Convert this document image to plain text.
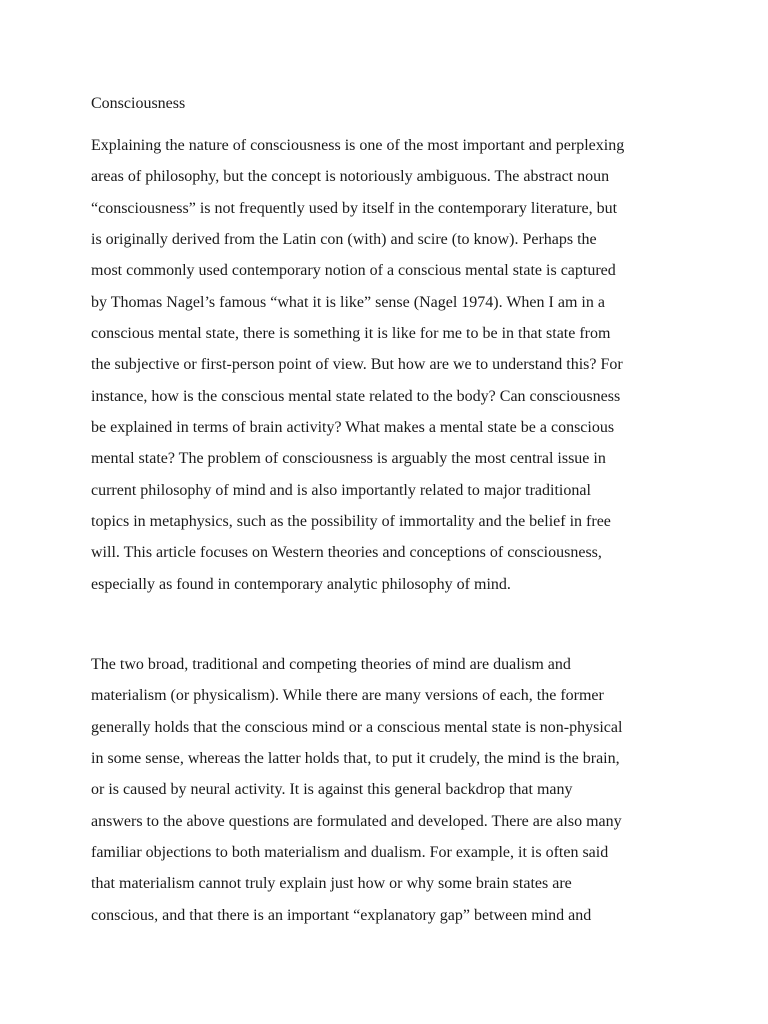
Consciousness
Explaining the nature of consciousness is one of the most important and perplexing
areas of philosophy, but the concept is notoriously ambiguous. The abstract noun
“consciousness” is not frequently used by itself in the contemporary literature, but
is originally derived from the Latin con (with) and scire (to know). Perhaps the
most commonly used contemporary notion of a conscious mental state is captured
by Thomas Nagel’s famous “what it is like” sense (Nagel 1974). When I am in a
conscious mental state, there is something it is like for me to be in that state from
the subjective or first-person point of view. But how are we to understand this? For
instance, how is the conscious mental state related to the body? Can consciousness
be explained in terms of brain activity? What makes a mental state be a conscious
mental state? The problem of consciousness is arguably the most central issue in
current philosophy of mind and is also importantly related to major traditional
topics in metaphysics, such as the possibility of immortality and the belief in free
will. This article focuses on Western theories and conceptions of consciousness,
especially as found in contemporary analytic philosophy of mind.
The two broad, traditional and competing theories of mind are dualism and
materialism (or physicalism). While there are many versions of each, the former
generally holds that the conscious mind or a conscious mental state is non-physical
in some sense, whereas the latter holds that, to put it crudely, the mind is the brain,
or is caused by neural activity. It is against this general backdrop that many
answers to the above questions are formulated and developed. There are also many
familiar objections to both materialism and dualism. For example, it is often said
that materialism cannot truly explain just how or why some brain states are
conscious, and that there is an important “explanatory gap” between mind and
